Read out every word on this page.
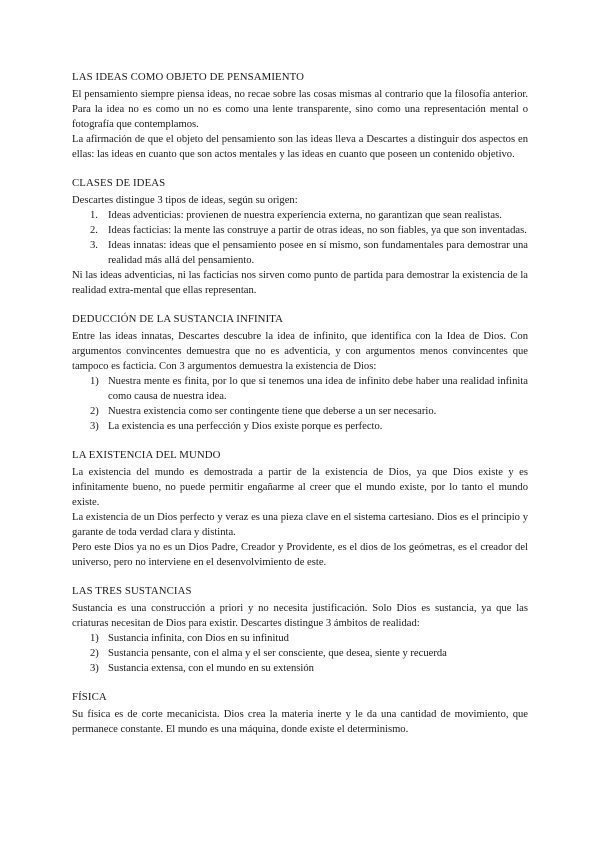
LAS IDEAS COMO OBJETO DE PENSAMIENTO

El pensamiento siempre piensa ideas, no recae sobre las cosas mismas al contrario que la filosofía anterior. Para la idea no es como un no es como una lente transparente, sino como una representación mental o fotografía que contemplamos.

La afirmación de que el objeto del pensamiento son las ideas lleva a Descartes a distinguir dos aspectos en ellas: las ideas en cuanto que son actos mentales y las ideas en cuanto que poseen un contenido objetivo.

CLASES DE IDEAS

Descartes distingue 3 tipos de ideas, según su origen:

1. Ideas adventicias: provienen de nuestra experiencia externa, no garantizan que sean realistas.
2. Ideas facticias: la mente las construye a partir de otras ideas, no son fiables, ya que son inventadas.
3. Ideas innatas: ideas que el pensamiento posee en sí mismo, son fundamentales para demostrar una realidad más allá del pensamiento.

Ni las ideas adventicias, ni las facticias nos sirven como punto de partida para demostrar la existencia de la realidad extra-mental que ellas representan.

DEDUCCIÓN DE LA SUSTANCIA INFINITA

Entre las ideas innatas, Descartes descubre la idea de infinito, que identifica con la Idea de Dios. Con argumentos convincentes demuestra que no es adventicia, y con argumentos menos convincentes que tampoco es facticia. Con 3 argumentos demuestra la existencia de Dios:

1) Nuestra mente es finita, por lo que si tenemos una idea de infinito debe haber una realidad infinita como causa de nuestra idea.
2) Nuestra existencia como ser contingente tiene que deberse a un ser necesario.
3) La existencia es una perfección y Dios existe porque es perfecto.
LA EXISTENCIA DEL MUNDO

La existencia del mundo es demostrada a partir de la existencia de Dios, ya que Dios existe y es infinitamente bueno, no puede permitir engañarme al creer que el mundo existe, por lo tanto el mundo existe.

La existencia de un Dios perfecto y veraz es una pieza clave en el sistema cartesiano. Dios es el principio y garante de toda verdad clara y distinta.

Pero este Dios ya no es un Dios Padre, Creador y Providente, es el dios de los geómetras, es el creador del universo, pero no interviene en el desenvolvimiento de este.

LAS TRES SUSTANCIAS

Sustancia es una construcción a priori y no necesita justificación. Solo Dios es sustancia, ya que las criaturas necesitan de Dios para existir. Descartes distingue 3 ámbitos de realidad:

1) Sustancia infinita, con Dios en su infinitud
2) Sustancia pensante, con el alma y el ser consciente, que desea, siente y recuerda
3) Sustancia extensa, con el mundo en su extensión
FÍSICA

Su física es de corte mecanicista. Dios crea la materia inerte y le da una cantidad de movimiento, que permanece constante. El mundo es una máquina, donde existe el determinismo.
